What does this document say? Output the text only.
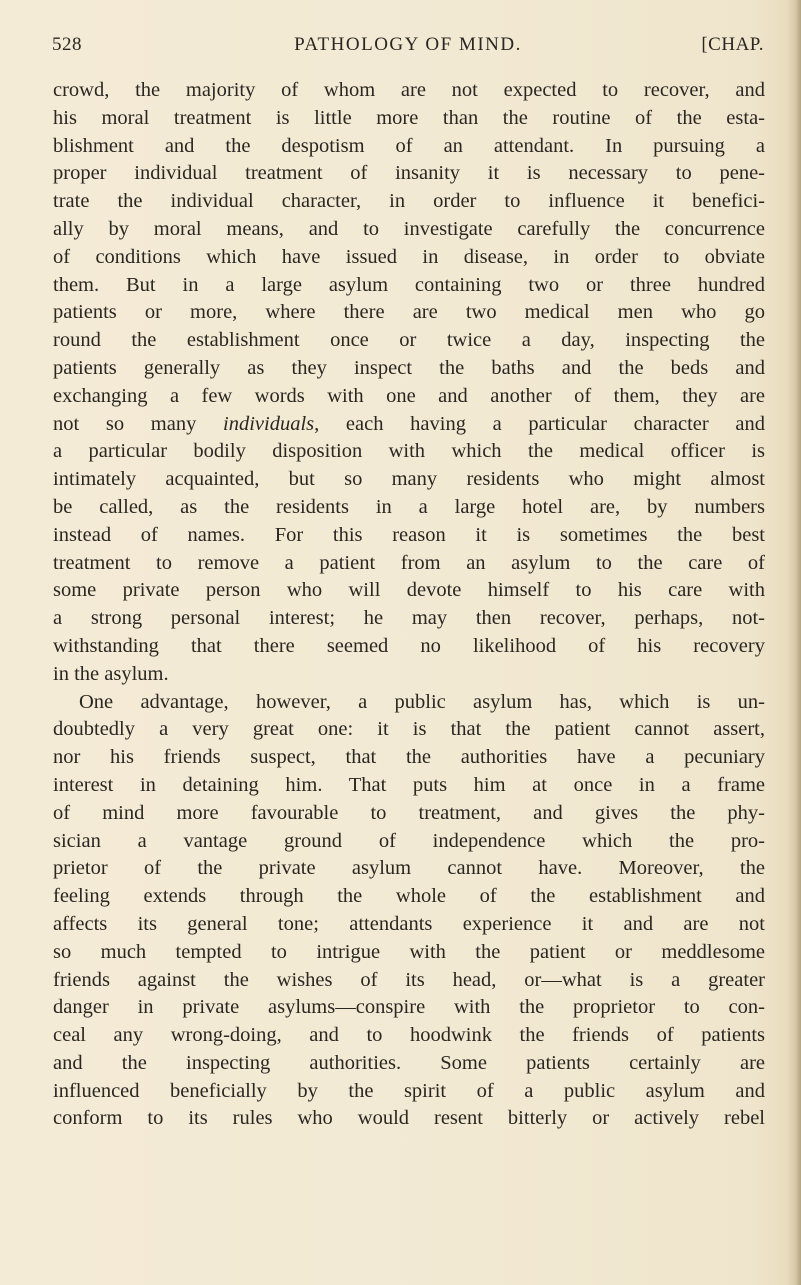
528	PATHOLOGY OF MIND.	[CHAP.
crowd, the majority of whom are not expected to recover, and
his moral treatment is little more than the routine of the esta-
blishment and the despotism of an attendant. In pursuing a
proper individual treatment of insanity it is necessary to pene-
trate the individual character, in order to influence it benefici-
ally by moral means, and to investigate carefully the concurrence
of conditions which have issued in disease, in order to obviate
them. But in a large asylum containing two or three hundred
patients or more, where there are two medical men who go
round the establishment once or twice a day, inspecting the
patients generally as they inspect the baths and the beds and
exchanging a few words with one and another of them, they are
not so many individuals, each having a particular character and
a particular bodily disposition with which the medical officer is
intimately acquainted, but so many residents who might almost
be called, as the residents in a large hotel are, by numbers
instead of names. For this reason it is sometimes the best
treatment to remove a patient from an asylum to the care of
some private person who will devote himself to his care with
a strong personal interest; he may then recover, perhaps, not-
withstanding that there seemed no likelihood of his recovery
in the asylum.
One advantage, however, a public asylum has, which is un-
doubtedly a very great one: it is that the patient cannot assert,
nor his friends suspect, that the authorities have a pecuniary
interest in detaining him. That puts him at once in a frame
of mind more favourable to treatment, and gives the phy-
sician a vantage ground of independence which the pro-
prietor of the private asylum cannot have. Moreover, the
feeling extends through the whole of the establishment and
affects its general tone; attendants experience it and are not
so much tempted to intrigue with the patient or meddlesome
friends against the wishes of its head, or—what is a greater
danger in private asylums—conspire with the proprietor to con-
ceal any wrong-doing, and to hoodwink the friends of patients
and the inspecting authorities. Some patients certainly are
influenced beneficially by the spirit of a public asylum and
conform to its rules who would resent bitterly or actively rebel
